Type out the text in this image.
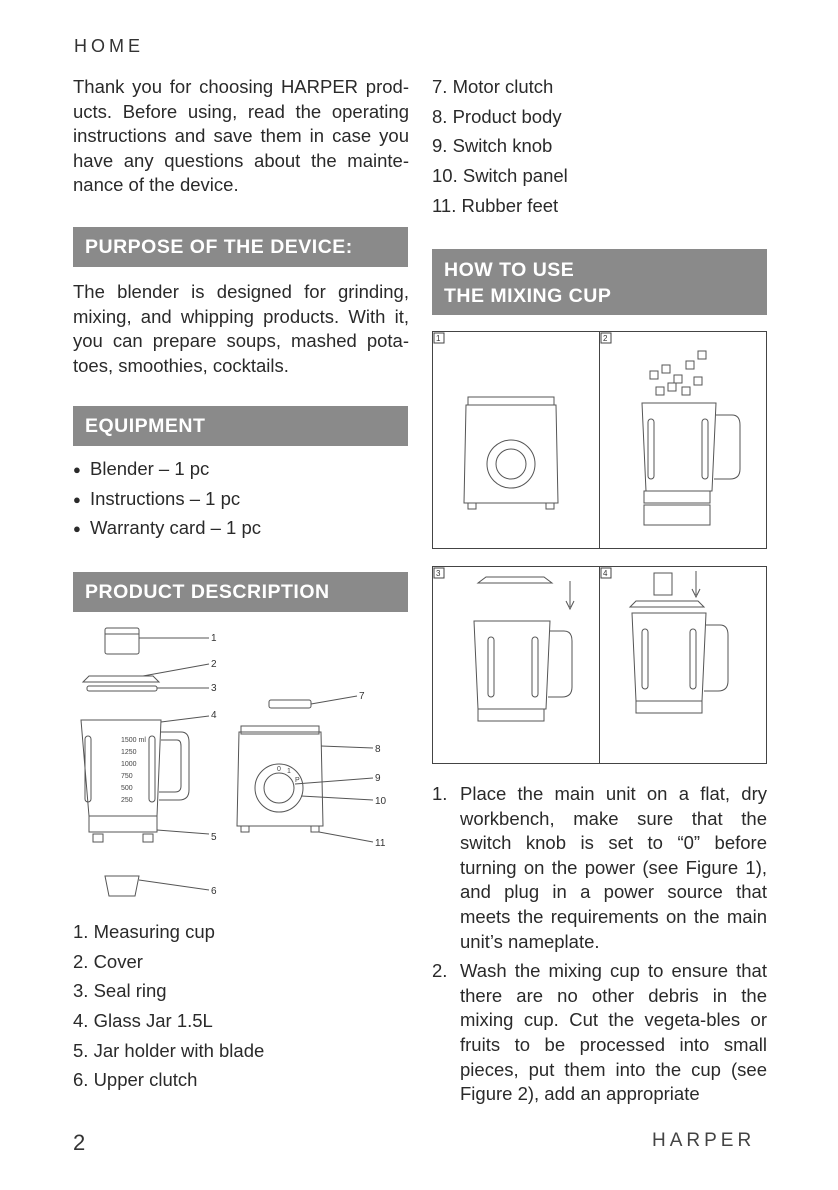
HOME
Thank you for choosing HARPER prod-ucts. Before using, read the operating instructions and save them in case you have any questions about the mainte-nance of the device.
PURPOSE OF THE DEVICE:
The blender is designed for grinding, mixing, and whipping products. With it, you can prepare soups, mashed pota-toes, smoothies, cocktails.
EQUIPMENT
● Blender – 1 pc
● Instructions – 1 pc
● Warranty card – 1 pc
PRODUCT DESCRIPTION
1500 ml
1250
1000
750
500
250
0 1
P
1
2
3
4
5
6
7
8
9
10
11
1. Measuring cup
2. Cover
3. Seal ring
4. Glass Jar 1.5L
5. Jar holder with blade
6. Upper clutch
7. Motor clutch
8. Product body
9. Switch knob
10. Switch panel
11. Rubber feet
HOW TO USE
THE MIXING CUP
1	2
3	4
1. Place the main unit on a flat, dry workbench, make sure that the switch knob is set to “0” before turning on the power (see Figure 1), and plug in a power source that meets the requirements on the main unit’s nameplate.
2. Wash the mixing cup to ensure that there are no other debris in the mixing cup. Cut the vegeta-bles or fruits to be processed into small pieces, put them into the cup (see Figure 2), add an appropriate
2	HARPER
